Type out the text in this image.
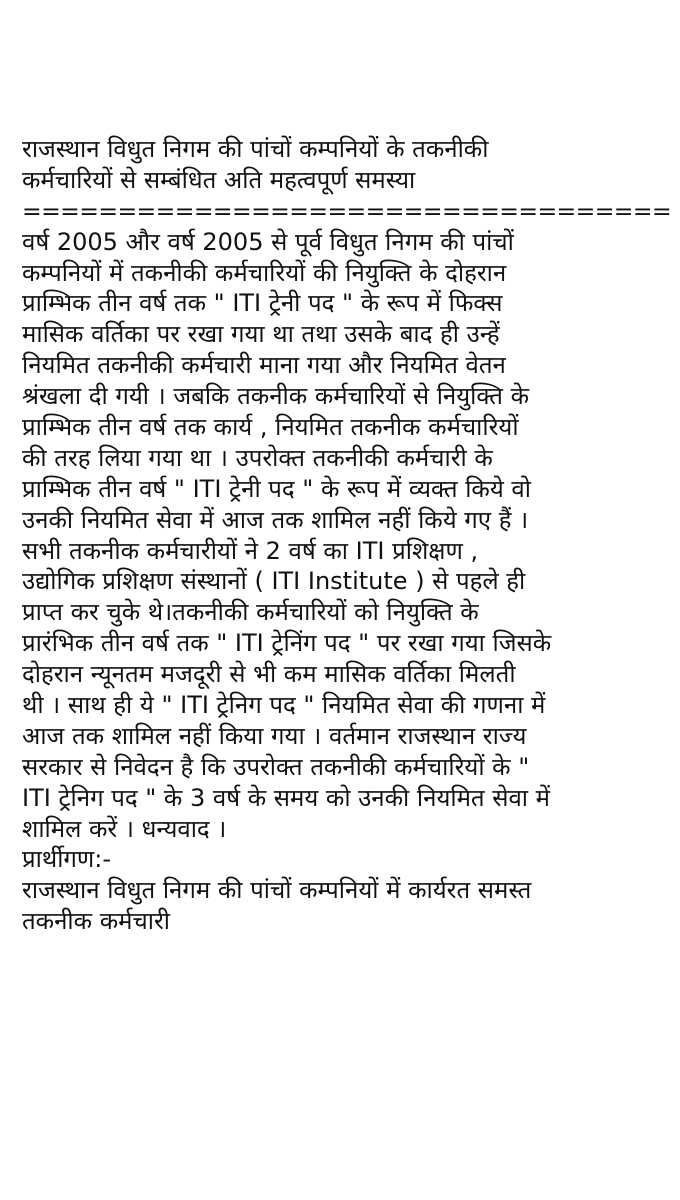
राजस्थान विधुत निगम की पांचों कम्पनियों के तकनीकी
कर्मचारियों से सम्बंधित अति महत्वपूर्ण समस्या
==================================
वर्ष 2005 और वर्ष 2005 से पूर्व विधुत निगम की पांचों
कम्पनियों में तकनीकी कर्मचारियों की नियुक्ति के दोहरान
प्राम्भिक तीन वर्ष तक " ITI ट्रेनी पद " के रूप में फिक्स
मासिक वर्तिका पर रखा गया था तथा उसके बाद ही उन्हें
नियमित तकनीकी कर्मचारी माना गया और नियमित वेतन
श्रंखला दी गयी । जबकि तकनीक कर्मचारियों से नियुक्ति के
प्राम्भिक तीन वर्ष तक कार्य , नियमित तकनीक कर्मचारियों
की तरह लिया गया था । उपरोक्त तकनीकी कर्मचारी के
प्राम्भिक तीन वर्ष " ITI ट्रेनी पद " के रूप में व्यक्त किये वो
उनकी नियमित सेवा में आज तक शामिल नहीं किये गए हैं ।
सभी तकनीक कर्मचारीयों ने 2 वर्ष का ITI प्रशिक्षण ,
उद्योगिक प्रशिक्षण संस्थानों ( ITI Institute ) से पहले ही
प्राप्त कर चुके थे।तकनीकी कर्मचारियों को नियुक्ति के
प्रारंभिक तीन वर्ष तक " ITI ट्रेनिंग पद " पर रखा गया जिसके
दोहरान न्यूनतम मजदूरी से भी कम मासिक वर्तिका मिलती
थी । साथ ही ये " ITI ट्रेनिग पद " नियमित सेवा की गणना में
आज तक शामिल नहीं किया गया । वर्तमान राजस्थान राज्य
सरकार से निवेदन है कि उपरोक्त तकनीकी कर्मचारियों के "
ITI ट्रेनिग पद " के 3 वर्ष के समय को उनकी नियमित सेवा में
शामिल करें । धन्यवाद ।
प्रार्थीगण:-
राजस्थान विधुत निगम की पांचों कम्पनियों में कार्यरत समस्त
तकनीक कर्मचारी
